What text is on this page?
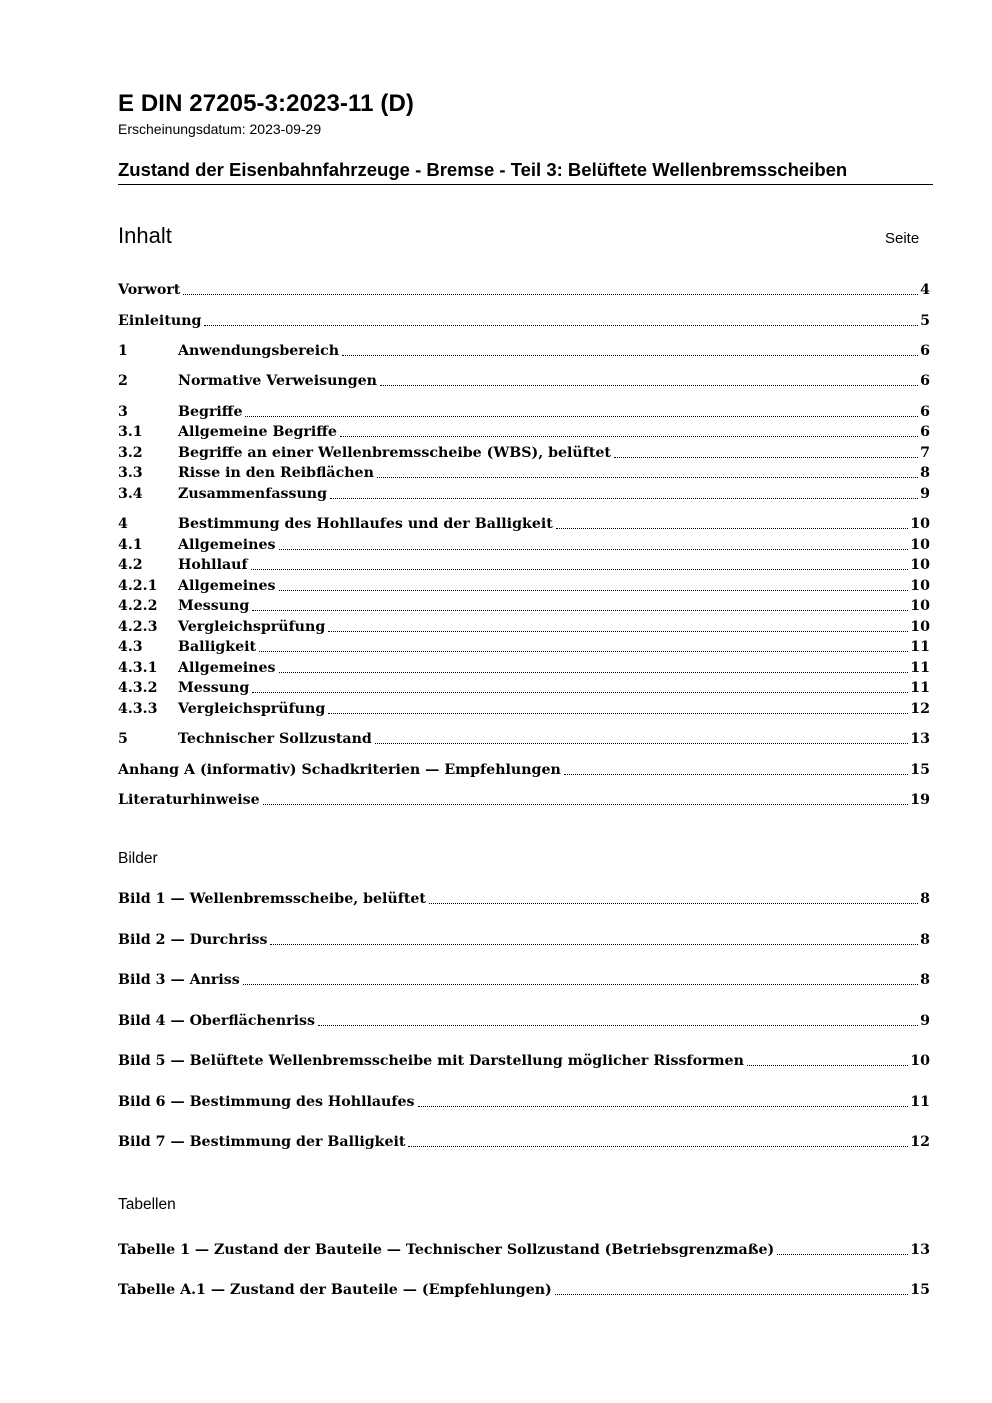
E DIN 27205-3:2023-11 (D)
Erscheinungsdatum: 2023-09-29
Zustand der Eisenbahnfahrzeuge - Bremse - Teil 3: Belüftete Wellenbremsscheiben
Inhalt	Seite
Vorwort	4
Einleitung	5
1	Anwendungsbereich	6
2	Normative Verweisungen	6
3	Begriffe	6
3.1	Allgemeine Begriffe	6
3.2	Begriffe an einer Wellenbremsscheibe (WBS), belüftet	7
3.3	Risse in den Reibflächen	8
3.4	Zusammenfassung	9
4	Bestimmung des Hohllaufes und der Balligkeit	10
4.1	Allgemeines	10
4.2	Hohllauf	10
4.2.1	Allgemeines	10
4.2.2	Messung	10
4.2.3	Vergleichsprüfung	10
4.3	Balligkeit	11
4.3.1	Allgemeines	11
4.3.2	Messung	11
4.3.3	Vergleichsprüfung	12
5	Technischer Sollzustand	13
Anhang A (informativ) Schadkriterien — Empfehlungen	15
Literaturhinweise	19
Bilder
Bild 1 — Wellenbremsscheibe, belüftet	8
Bild 2 — Durchriss	8
Bild 3 — Anriss	8
Bild 4 — Oberflächenriss	9
Bild 5 — Belüftete Wellenbremsscheibe mit Darstellung möglicher Rissformen	10
Bild 6 — Bestimmung des Hohllaufes	11
Bild 7 — Bestimmung der Balligkeit	12
Tabellen
Tabelle 1 — Zustand der Bauteile — Technischer Sollzustand (Betriebsgrenzmaße)	13
Tabelle A.1 — Zustand der Bauteile — (Empfehlungen)	15
